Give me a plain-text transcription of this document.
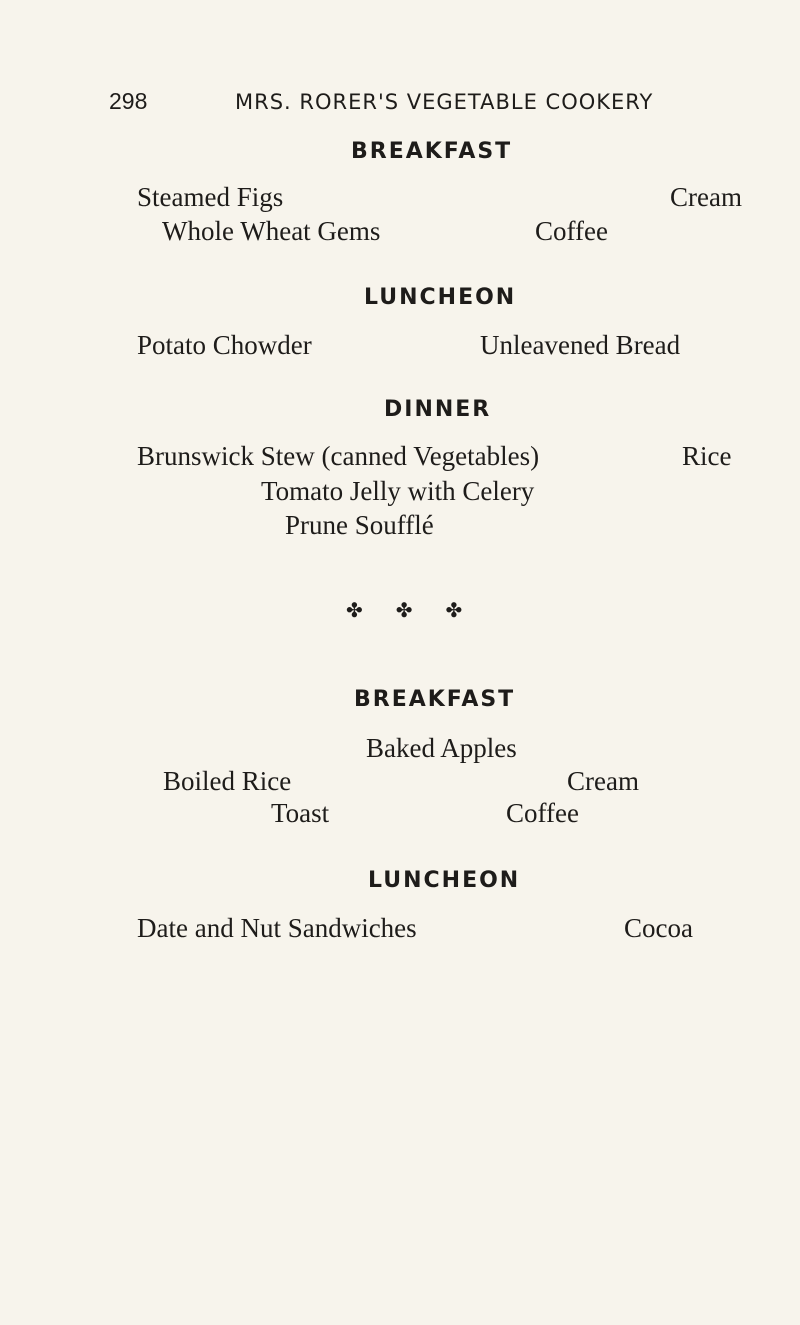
298	MRS. RORER'S VEGETABLE COOKERY
BREAKFAST
Steamed Figs	Cream
Whole Wheat Gems	Coffee
LUNCHEON
Potato Chowder	Unleavened Bread
DINNER
Brunswick Stew (canned Vegetables)	Rice
Tomato Jelly with Celery
Prune Soufflé
✤ ✤ ✤
BREAKFAST
Baked Apples
Boiled Rice	Cream
Toast	Coffee
LUNCHEON
Date and Nut Sandwiches	Cocoa
